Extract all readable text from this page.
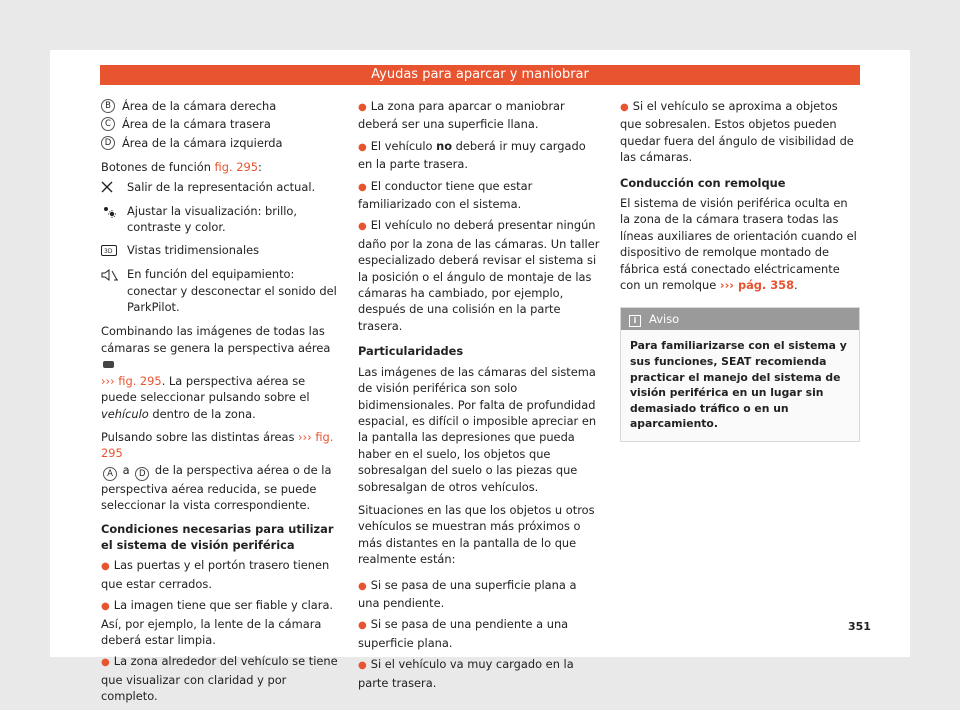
Ayudas para aparcar y maniobrar
B Área de la cámara derecha
C Área de la cámara trasera
D Área de la cámara izquierda

Botones de función fig. 295:

Salir de la representación actual.
Ajustar la visualización: brillo, contraste y color.
3D Vistas tridimensionales
En función del equipamiento: conectar y desconectar el sonido del ParkPilot.

Combinando las imágenes de todas las cámaras se genera la perspectiva aérea
››› fig. 295. La perspectiva aérea se puede seleccionar pulsando sobre el vehículo dentro de la zona.

Pulsando sobre las distintas áreas ››› fig. 295
A a D de la perspectiva aérea o de la perspectiva aérea reducida, se puede seleccionar la vista correspondiente.

Condiciones necesarias para utilizar el sistema de visión periférica

● Las puertas y el portón trasero tienen que estar cerrados.
● La imagen tiene que ser fiable y clara. Así, por ejemplo, la lente de la cámara deberá estar limpia.
● La zona alrededor del vehículo se tiene que visualizar con claridad y por completo.
● La zona para aparcar o maniobrar deberá ser una superficie llana.
● El vehículo no deberá ir muy cargado en la parte trasera.
● El conductor tiene que estar familiarizado con el sistema.
● El vehículo no deberá presentar ningún daño por la zona de las cámaras. Un taller especializado deberá revisar el sistema si la posición o el ángulo de montaje de las cámaras ha cambiado, por ejemplo, después de una colisión en la parte trasera.

Particularidades

Las imágenes de las cámaras del sistema de visión periférica son solo bidimensionales. Por falta de profundidad espacial, es difícil o imposible apreciar en la pantalla las depresiones que pueda haber en el suelo, los objetos que sobresalgan del suelo o las piezas que sobresalgan de otros vehículos.

Situaciones en las que los objetos u otros vehículos se muestran más próximos o más distantes en la pantalla de lo que realmente están:

● Si se pasa de una superficie plana a una pendiente.
● Si se pasa de una pendiente a una superficie plana.
● Si el vehículo va muy cargado en la parte trasera.
● Si el vehículo se aproxima a objetos que sobresalen. Estos objetos pueden quedar fuera del ángulo de visibilidad de las cámaras.

Conducción con remolque

El sistema de visión periférica oculta en la zona de la cámara trasera todas las líneas auxiliares de orientación cuando el dispositivo de remolque montado de fábrica está conectado eléctricamente con un remolque ››› pág. 358.

i Aviso
Para familiarizarse con el sistema y sus funciones, SEAT recomienda practicar el manejo del sistema de visión periférica en un lugar sin demasiado tráfico o en un aparcamiento.
351
